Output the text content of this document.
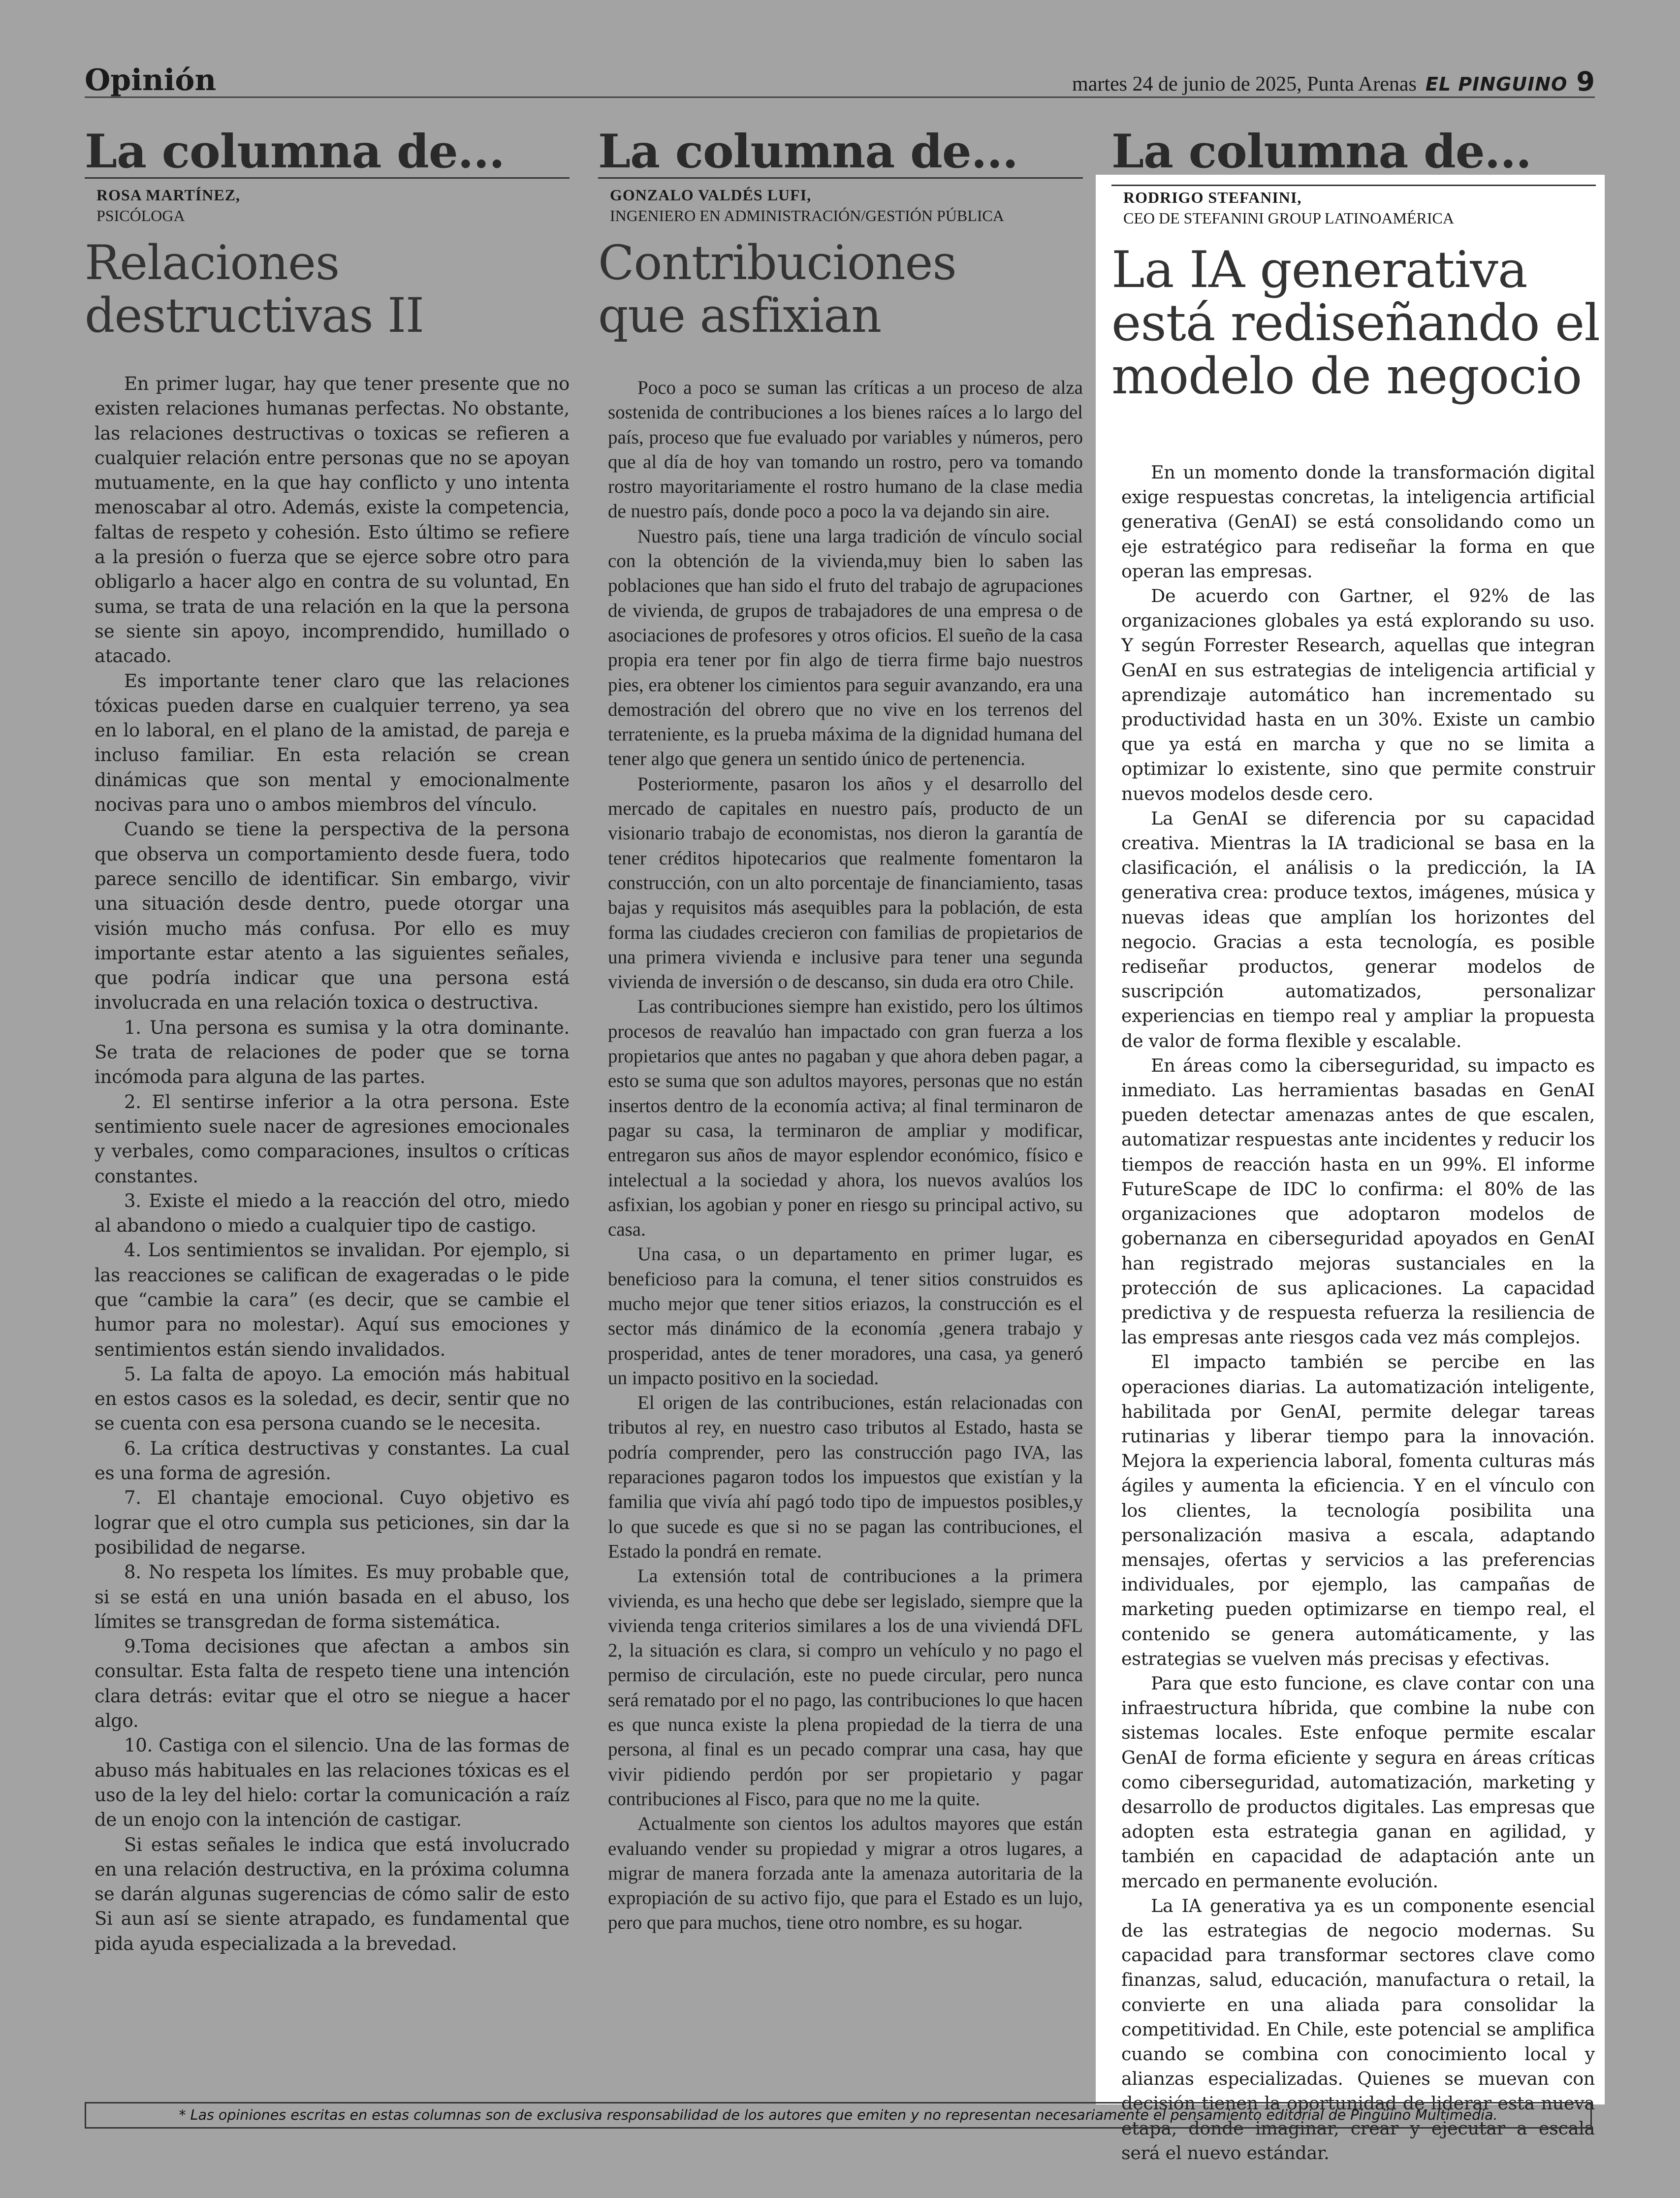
Opinión	martes 24 de junio de 2025, Punta Arenas EL PINGUINO 9
La columna de...
ROSA MARTÍNEZ,
PSICÓLOGA
Relaciones
destructivas II

En primer lugar, hay que tener presente que no existen relaciones humanas perfectas. No obstante, las relaciones destructivas o toxicas se refieren a cualquier relación entre personas que no se apoyan mutuamente, en la que hay conflicto y uno intenta menoscabar al otro. Además, existe la competencia, faltas de respeto y cohesión. Esto último se refiere a la presión o fuerza que se ejerce sobre otro para obligarlo a hacer algo en contra de su voluntad, En suma, se trata de una relación en la que la persona se siente sin apoyo, incomprendido, humillado o atacado.

Es importante tener claro que las relaciones tóxicas pueden darse en cualquier terreno, ya sea en lo laboral, en el plano de la amistad, de pareja e incluso familiar. En esta relación se crean dinámicas que son mental y emocionalmente nocivas para uno o ambos miembros del vínculo.

Cuando se tiene la perspectiva de la persona que observa un comportamiento desde fuera, todo parece sencillo de identificar. Sin embargo, vivir una situación desde dentro, puede otorgar una visión mucho más confusa. Por ello es muy importante estar atento a las siguientes señales, que podría indicar que una persona está involucrada en una relación toxica o destructiva.

1. Una persona es sumisa y la otra dominante. Se trata de relaciones de poder que se torna incómoda para alguna de las partes.

2. El sentirse inferior a la otra persona. Este sentimiento suele nacer de agresiones emocionales y verbales, como comparaciones, insultos o críticas constantes.

3. Existe el miedo a la reacción del otro, miedo al abandono o miedo a cualquier tipo de castigo.

4. Los sentimientos se invalidan. Por ejemplo, si las reacciones se califican de exageradas o le pide que “cambie la cara” (es decir, que se cambie el humor para no molestar). Aquí sus emociones y sentimientos están siendo invalidados.

5. La falta de apoyo. La emoción más habitual en estos casos es la soledad, es decir, sentir que no se cuenta con esa persona cuando se le necesita.

6. La crítica destructivas y constantes. La cual es una forma de agresión.

7. El chantaje emocional. Cuyo objetivo es lograr que el otro cumpla sus peticiones, sin dar la posibilidad de negarse.

8. No respeta los límites. Es muy probable que, si se está en una unión basada en el abuso, los límites se transgredan de forma sistemática.

9.Toma decisiones que afectan a ambos sin consultar. Esta falta de respeto tiene una intención clara detrás: evitar que el otro se niegue a hacer algo.

10. Castiga con el silencio. Una de las formas de abuso más habituales en las relaciones tóxicas es el uso de la ley del hielo: cortar la comunicación a raíz de un enojo con la intención de castigar.

Si estas señales le indica que está involucrado en una relación destructiva, en la próxima columna se darán algunas sugerencias de cómo salir de esto Si aun así se siente atrapado, es fundamental que pida ayuda especializada a la brevedad.

La columna de...
GONZALO VALDÉS LUFI,
INGENIERO EN ADMINISTRACIÓN/GESTIÓN PÚBLICA
Contribuciones
que asfixian

Poco a poco se suman las críticas a un proceso de alza sostenida de contribuciones a los bienes raíces a lo largo del país, proceso que fue evaluado por variables y números, pero que al día de hoy van tomando un rostro, pero va tomando rostro mayoritariamente el rostro humano de la clase media de nuestro país, donde poco a poco la va dejando sin aire.

Nuestro país, tiene una larga tradición de vínculo social con la obtención de la vivienda,muy bien lo saben las poblaciones que han sido el fruto del trabajo de agrupaciones de vivienda, de grupos de trabajadores de una empresa o de asociaciones de profesores y otros oficios. El sueño de la casa propia era tener por fin algo de tierra firme bajo nuestros pies, era obtener los cimientos para seguir avanzando, era una demostración del obrero que no vive en los terrenos del terrateniente, es la prueba máxima de la dignidad humana del tener algo que genera un sentido único de pertenencia.

Posteriormente, pasaron los años y el desarrollo del mercado de capitales en nuestro país, producto de un visionario trabajo de economistas, nos dieron la garantía de tener créditos hipotecarios que realmente fomentaron la construcción, con un alto porcentaje de financiamiento, tasas bajas y requisitos más asequibles para la población, de esta forma las ciudades crecieron con familias de propietarios de una primera vivienda e inclusive para tener una segunda vivienda de inversión o de descanso, sin duda era otro Chile.

Las contribuciones siempre han existido, pero los últimos procesos de reavalúo han impactado con gran fuerza a los propietarios que antes no pagaban y que ahora deben pagar, a esto se suma que son adultos mayores, personas que no están insertos dentro de la economía activa; al final terminaron de pagar su casa, la terminaron de ampliar y modificar, entregaron sus años de mayor esplendor económico, físico e intelectual a la sociedad y ahora, los nuevos avalúos los asfixian, los agobian y poner en riesgo su principal activo, su casa.

Una casa, o un departamento en primer lugar, es beneficioso para la comuna, el tener sitios construidos es mucho mejor que tener sitios eriazos, la construcción es el sector más dinámico de la economía ,genera trabajo y prosperidad, antes de tener moradores, una casa, ya generó un impacto positivo en la sociedad.

El origen de las contribuciones, están relacionadas con tributos al rey, en nuestro caso tributos al Estado, hasta se podría comprender, pero las construcción pago IVA, las reparaciones pagaron todos los impuestos que existían y la familia que vivía ahí pagó todo tipo de impuestos posibles,y lo que sucede es que si no se pagan las contribuciones, el Estado la pondrá en remate.

La extensión total de contribuciones a la primera vivienda, es una hecho que debe ser legislado, siempre que la vivienda tenga criterios similares a los de una viviendá DFL 2, la situación es clara, si compro un vehículo y no pago el permiso de circulación, este no puede circular, pero nunca será rematado por el no pago, las contribuciones lo que hacen es que nunca existe la plena propiedad de la tierra de una persona, al final es un pecado comprar una casa, hay que vivir pidiendo perdón por ser propietario y pagar contribuciones al Fisco, para que no me la quite.

Actualmente son cientos los adultos mayores que están evaluando vender su propiedad y migrar a otros lugares, a migrar de manera forzada ante la amenaza autoritaria de la expropiación de su activo fijo, que para el Estado es un lujo, pero que para muchos, tiene otro nombre, es su hogar.

La columna de...
RODRIGO STEFANINI,
CEO DE STEFANINI GROUP LATINOAMÉRICA
La IA generativa
está rediseñando el
modelo de negocio

En un momento donde la transformación digital exige respuestas concretas, la inteligencia artificial generativa (GenAI) se está consolidando como un eje estratégico para rediseñar la forma en que operan las empresas.

De acuerdo con Gartner, el 92% de las organizaciones globales ya está explorando su uso. Y según Forrester Research, aquellas que integran GenAI en sus estrategias de inteligencia artificial y aprendizaje automático han incrementado su productividad hasta en un 30%. Existe un cambio que ya está en marcha y que no se limita a optimizar lo existente, sino que permite construir nuevos modelos desde cero.

La GenAI se diferencia por su capacidad creativa. Mientras la IA tradicional se basa en la clasificación, el análisis o la predicción, la IA generativa crea: produce textos, imágenes, música y nuevas ideas que amplían los horizontes del negocio. Gracias a esta tecnología, es posible rediseñar productos, generar modelos de suscripción automatizados, personalizar experiencias en tiempo real y ampliar la propuesta de valor de forma flexible y escalable.

En áreas como la ciberseguridad, su impacto es inmediato. Las herramientas basadas en GenAI pueden detectar amenazas antes de que escalen, automatizar respuestas ante incidentes y reducir los tiempos de reacción hasta en un 99%. El informe FutureScape de IDC lo confirma: el 80% de las organizaciones que adoptaron modelos de gobernanza en ciberseguridad apoyados en GenAI han registrado mejoras sustanciales en la protección de sus aplicaciones. La capacidad predictiva y de respuesta refuerza la resiliencia de las empresas ante riesgos cada vez más complejos.

El impacto también se percibe en las operaciones diarias. La automatización inteligente, habilitada por GenAI, permite delegar tareas rutinarias y liberar tiempo para la innovación. Mejora la experiencia laboral, fomenta culturas más ágiles y aumenta la eficiencia. Y en el vínculo con los clientes, la tecnología posibilita una personalización masiva a escala, adaptando mensajes, ofertas y servicios a las preferencias individuales, por ejemplo, las campañas de marketing pueden optimizarse en tiempo real, el contenido se genera automáticamente, y las estrategias se vuelven más precisas y efectivas.

Para que esto funcione, es clave contar con una infraestructura híbrida, que combine la nube con sistemas locales. Este enfoque permite escalar GenAI de forma eficiente y segura en áreas críticas como ciberseguridad, automatización, marketing y desarrollo de productos digitales. Las empresas que adopten esta estrategia ganan en agilidad, y también en capacidad de adaptación ante un mercado en permanente evolución.

La IA generativa ya es un componente esencial de las estrategias de negocio modernas. Su capacidad para transformar sectores clave como finanzas, salud, educación, manufactura o retail, la convierte en una aliada para consolidar la competitividad. En Chile, este potencial se amplifica cuando se combina con conocimiento local y alianzas especializadas. Quienes se muevan con decisión tienen la oportunidad de liderar esta nueva etapa, donde imaginar, crear y ejecutar a escala será el nuevo estándar.

* Las opiniones escritas en estas columnas son de exclusiva responsabilidad de los autores que emiten y no representan necesariamente el pensamiento editorial de Pingüino Multimedia.
